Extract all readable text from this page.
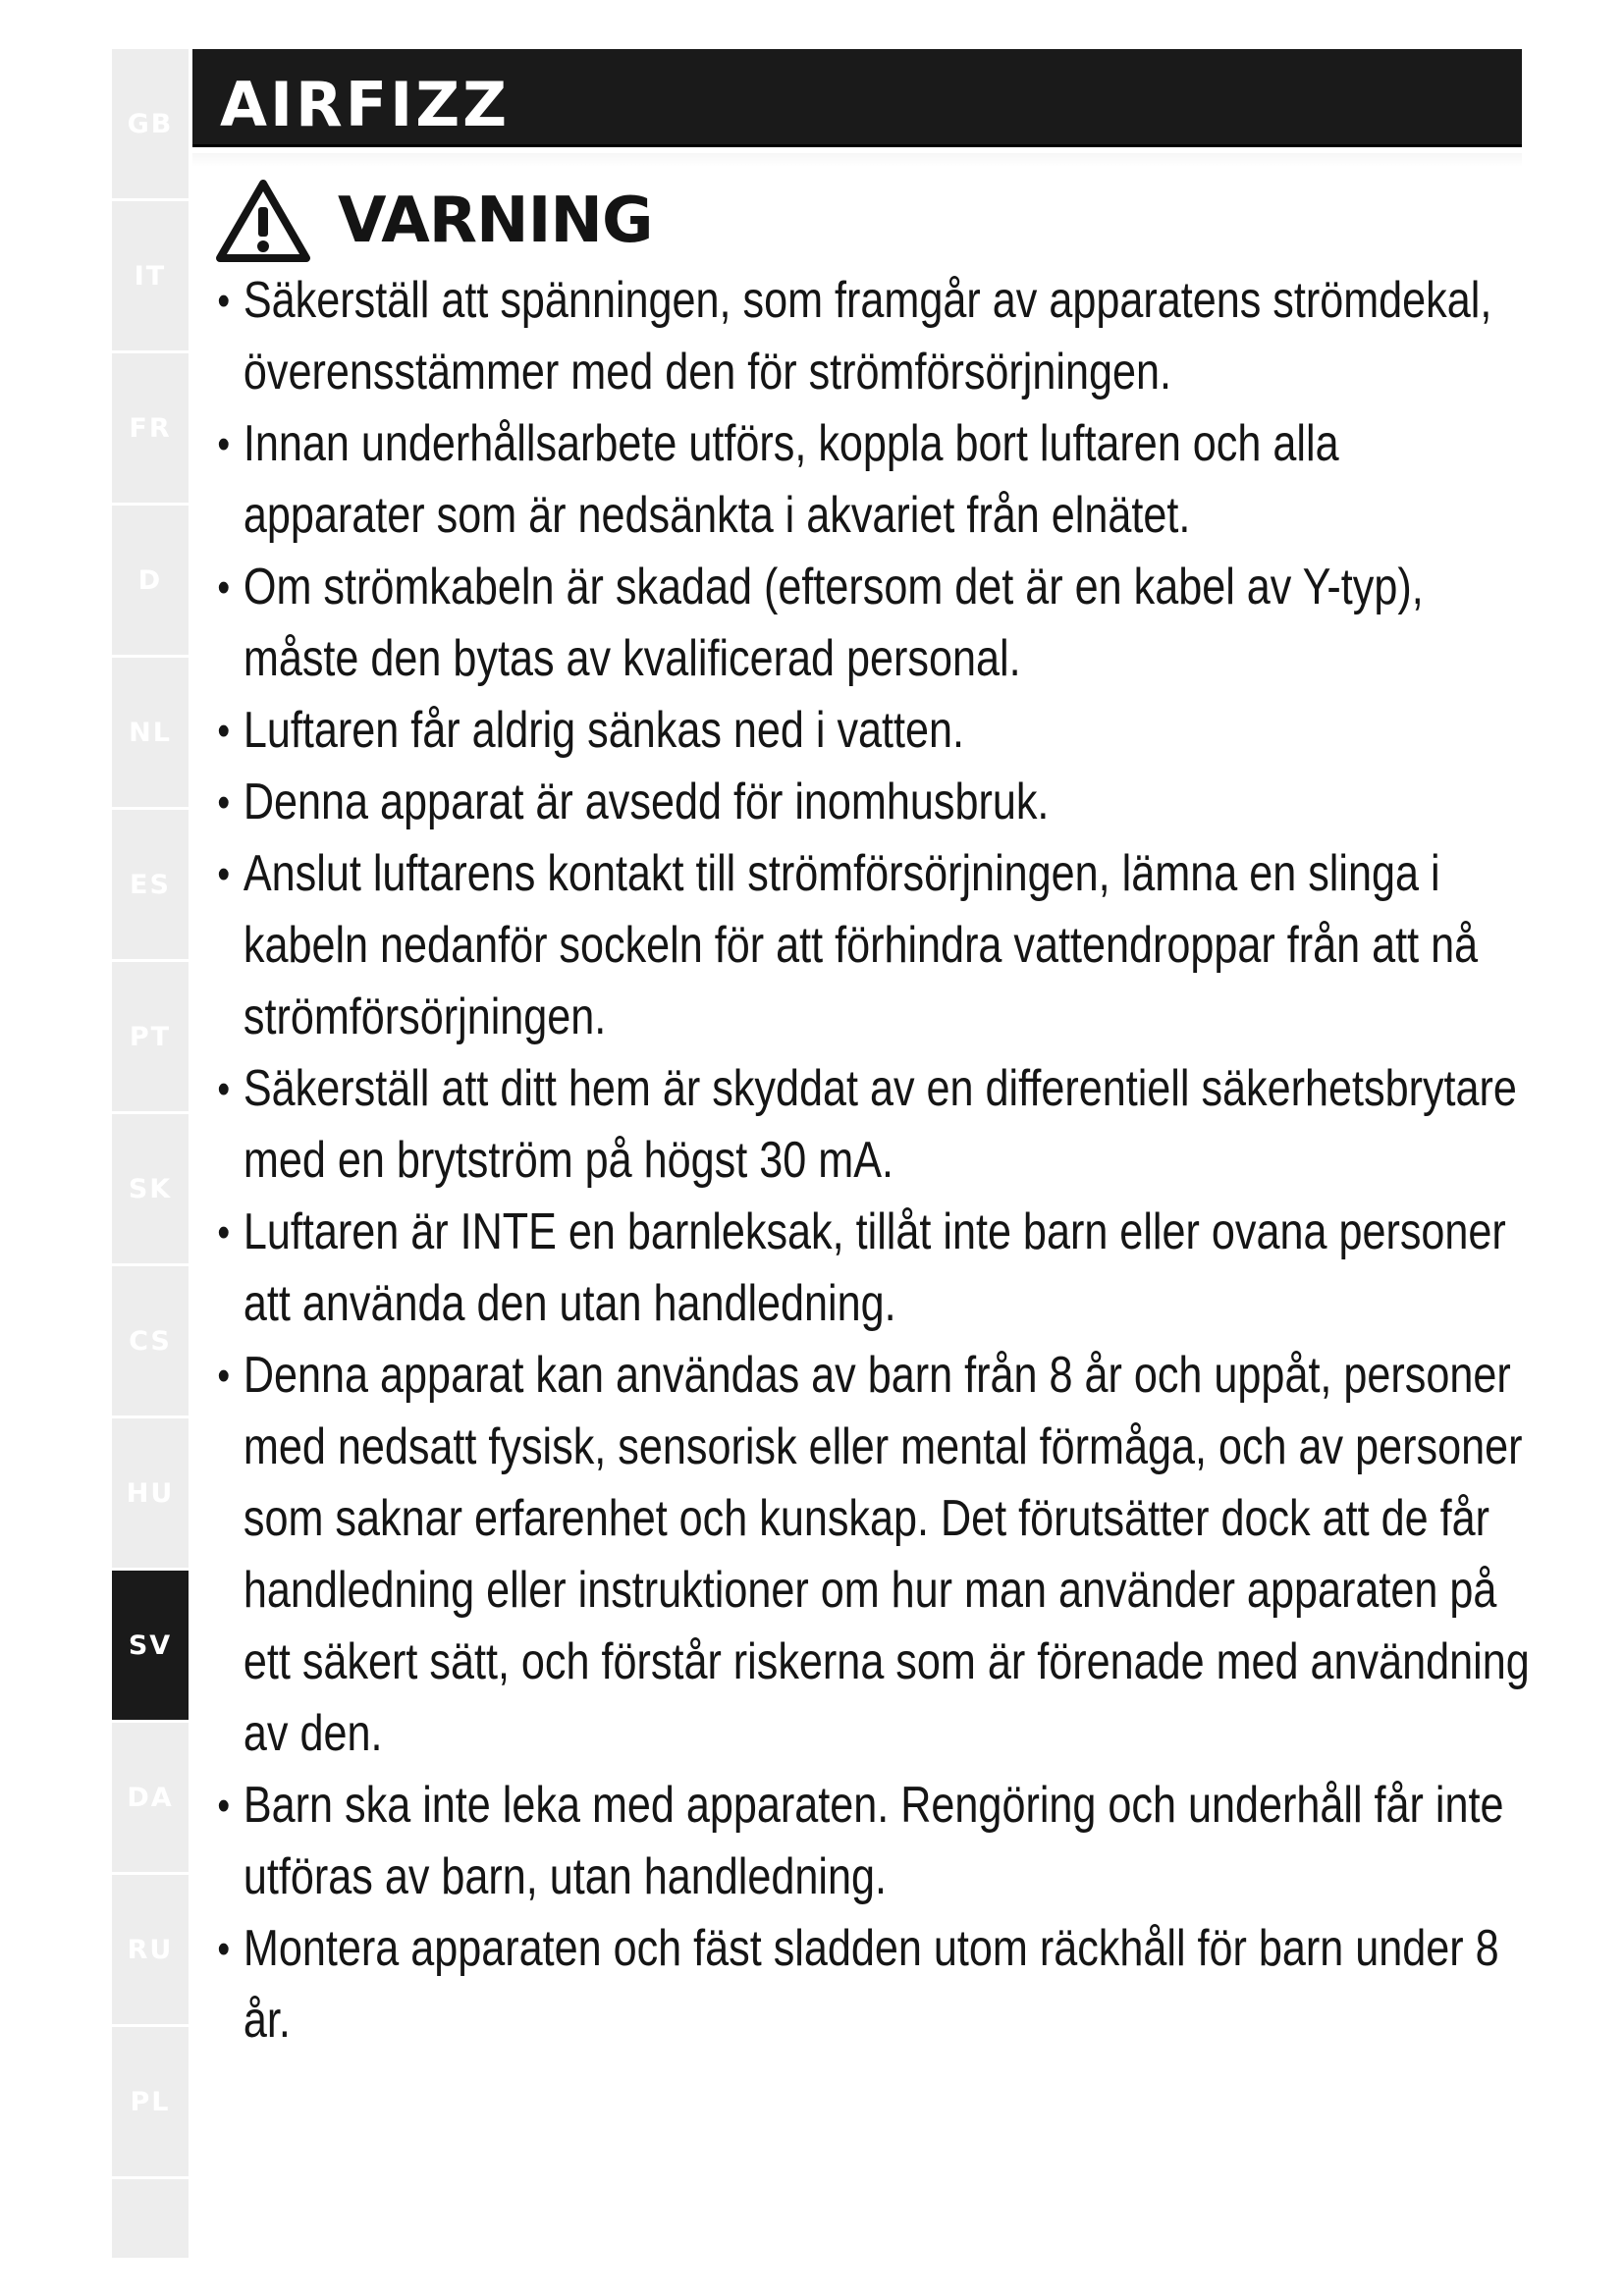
GB
IT
FR
D
NL
ES
PT
SK
CS
HU
SV
DA
RU
PL
AIRFIZZ
VARNING
• Säkerställ att spänningen, som framgår av apparatens strömdekal, överensstämmer med den för strömförsörjningen.
• Innan underhållsarbete utförs, koppla bort luftaren och alla apparater som är nedsänkta i akvariet från elnätet.
• Om strömkabeln är skadad (eftersom det är en kabel av Y-typ), måste den bytas av kvalificerad personal.
• Luftaren får aldrig sänkas ned i vatten.
• Denna apparat är avsedd för inomhusbruk.
• Anslut luftarens kontakt till strömförsörjningen, lämna en slinga i kabeln nedanför sockeln för att förhindra vattendroppar från att nå strömförsörjningen.
• Säkerställ att ditt hem är skyddat av en differentiell säkerhetsbrytare med en brytström på högst 30 mA.
• Luftaren är INTE en barnleksak, tillåt inte barn eller ovana personer att använda den utan handledning.
• Denna apparat kan användas av barn från 8 år och uppåt, personer med nedsatt fysisk, sensorisk eller mental förmåga, och av personer som saknar erfarenhet och kunskap. Det förutsätter dock att de får handledning eller instruktioner om hur man använder apparaten på ett säkert sätt, och förstår riskerna som är förenade med användning av den.
• Barn ska inte leka med apparaten. Rengöring och underhåll får inte utföras av barn, utan handledning.
• Montera apparaten och fäst sladden utom räckhåll för barn under 8 år.
